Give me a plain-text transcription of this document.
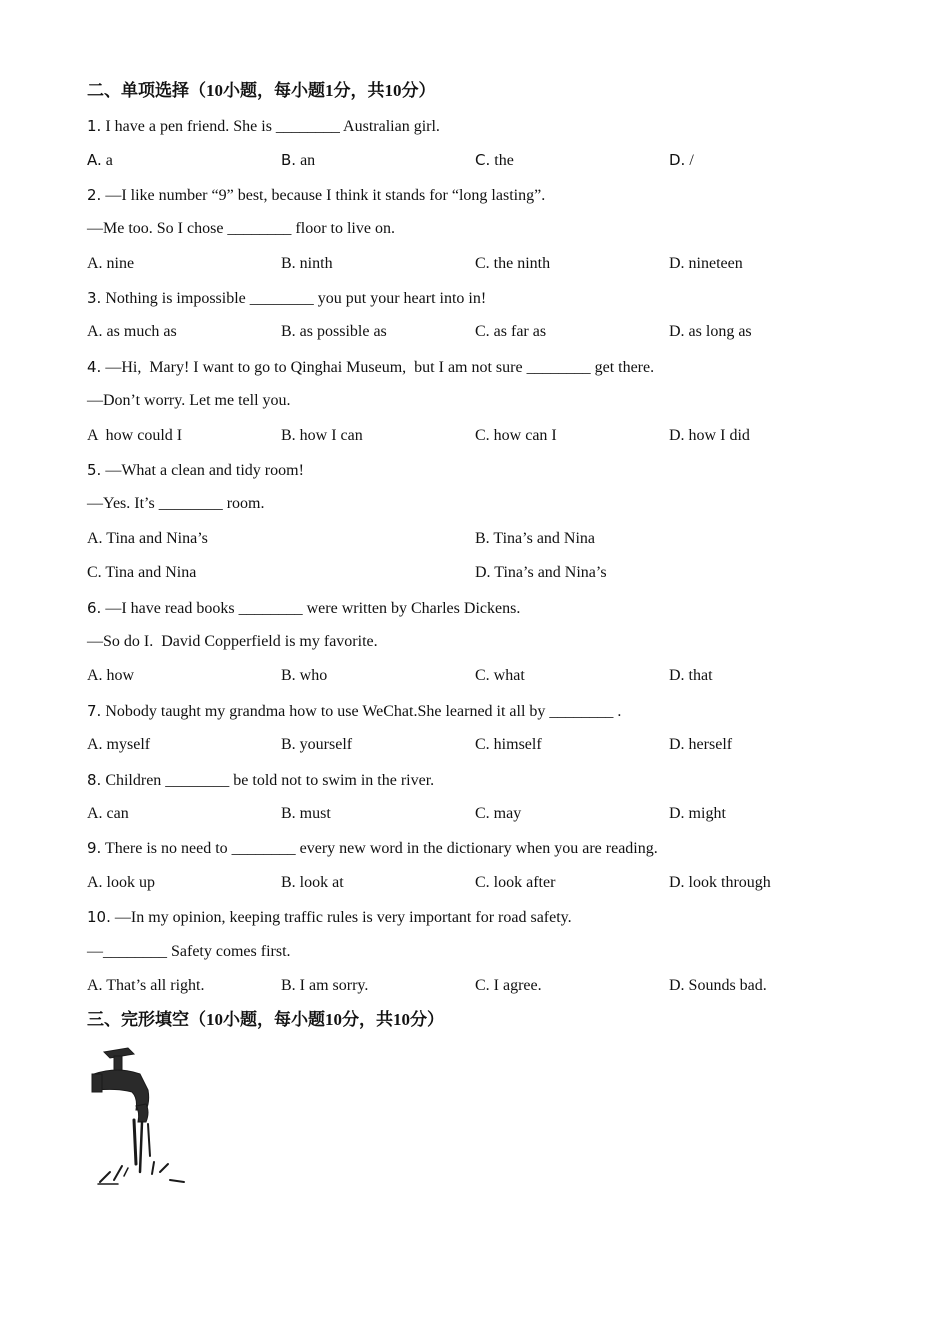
二、单项选择（10小题，每小题1分，共10分）
1. I have a pen friend. She is ________ Australian girl.
A. a	B. an	C. the	D. /
2. —I like number “9” best, because I think it stands for “long lasting”.
—Me too. So I chose ________ floor to live on.
A. nine	B. ninth	C. the ninth	D. nineteen
3. Nothing is impossible ________ you put your heart into in!
A. as much as	B. as possible as	C. as far as	D. as long as
4. —Hi,  Mary! I want to go to Qinghai Museum,  but I am not sure ________ get there.
—Don’t worry. Let me tell you.
A  how could I	B. how I can	C. how can I	D. how I did
5. —What a clean and tidy room!
—Yes. It’s ________ room.
A. Tina and Nina’s	B. Tina’s and Nina
C. Tina and Nina	D. Tina’s and Nina’s
6. —I have read books ________ were written by Charles Dickens.
—So do I.  David Copperfield is my favorite.
A. how	B. who	C. what	D. that
7. Nobody taught my grandma how to use WeChat.She learned it all by ________ .
A. myself	B. yourself	C. himself	D. herself
8. Children ________ be told not to swim in the river.
A. can	B. must	C. may	D. might
9. There is no need to ________ every new word in the dictionary when you are reading.
A. look up	B. look at	C. look after	D. look through
10. —In my opinion, keeping traffic rules is very important for road safety.
—________ Safety comes first.
A. That’s all right.	B. I am sorry.	C. I agree.	D. Sounds bad.
三、完形填空（10小题，每小题10分，共10分）
